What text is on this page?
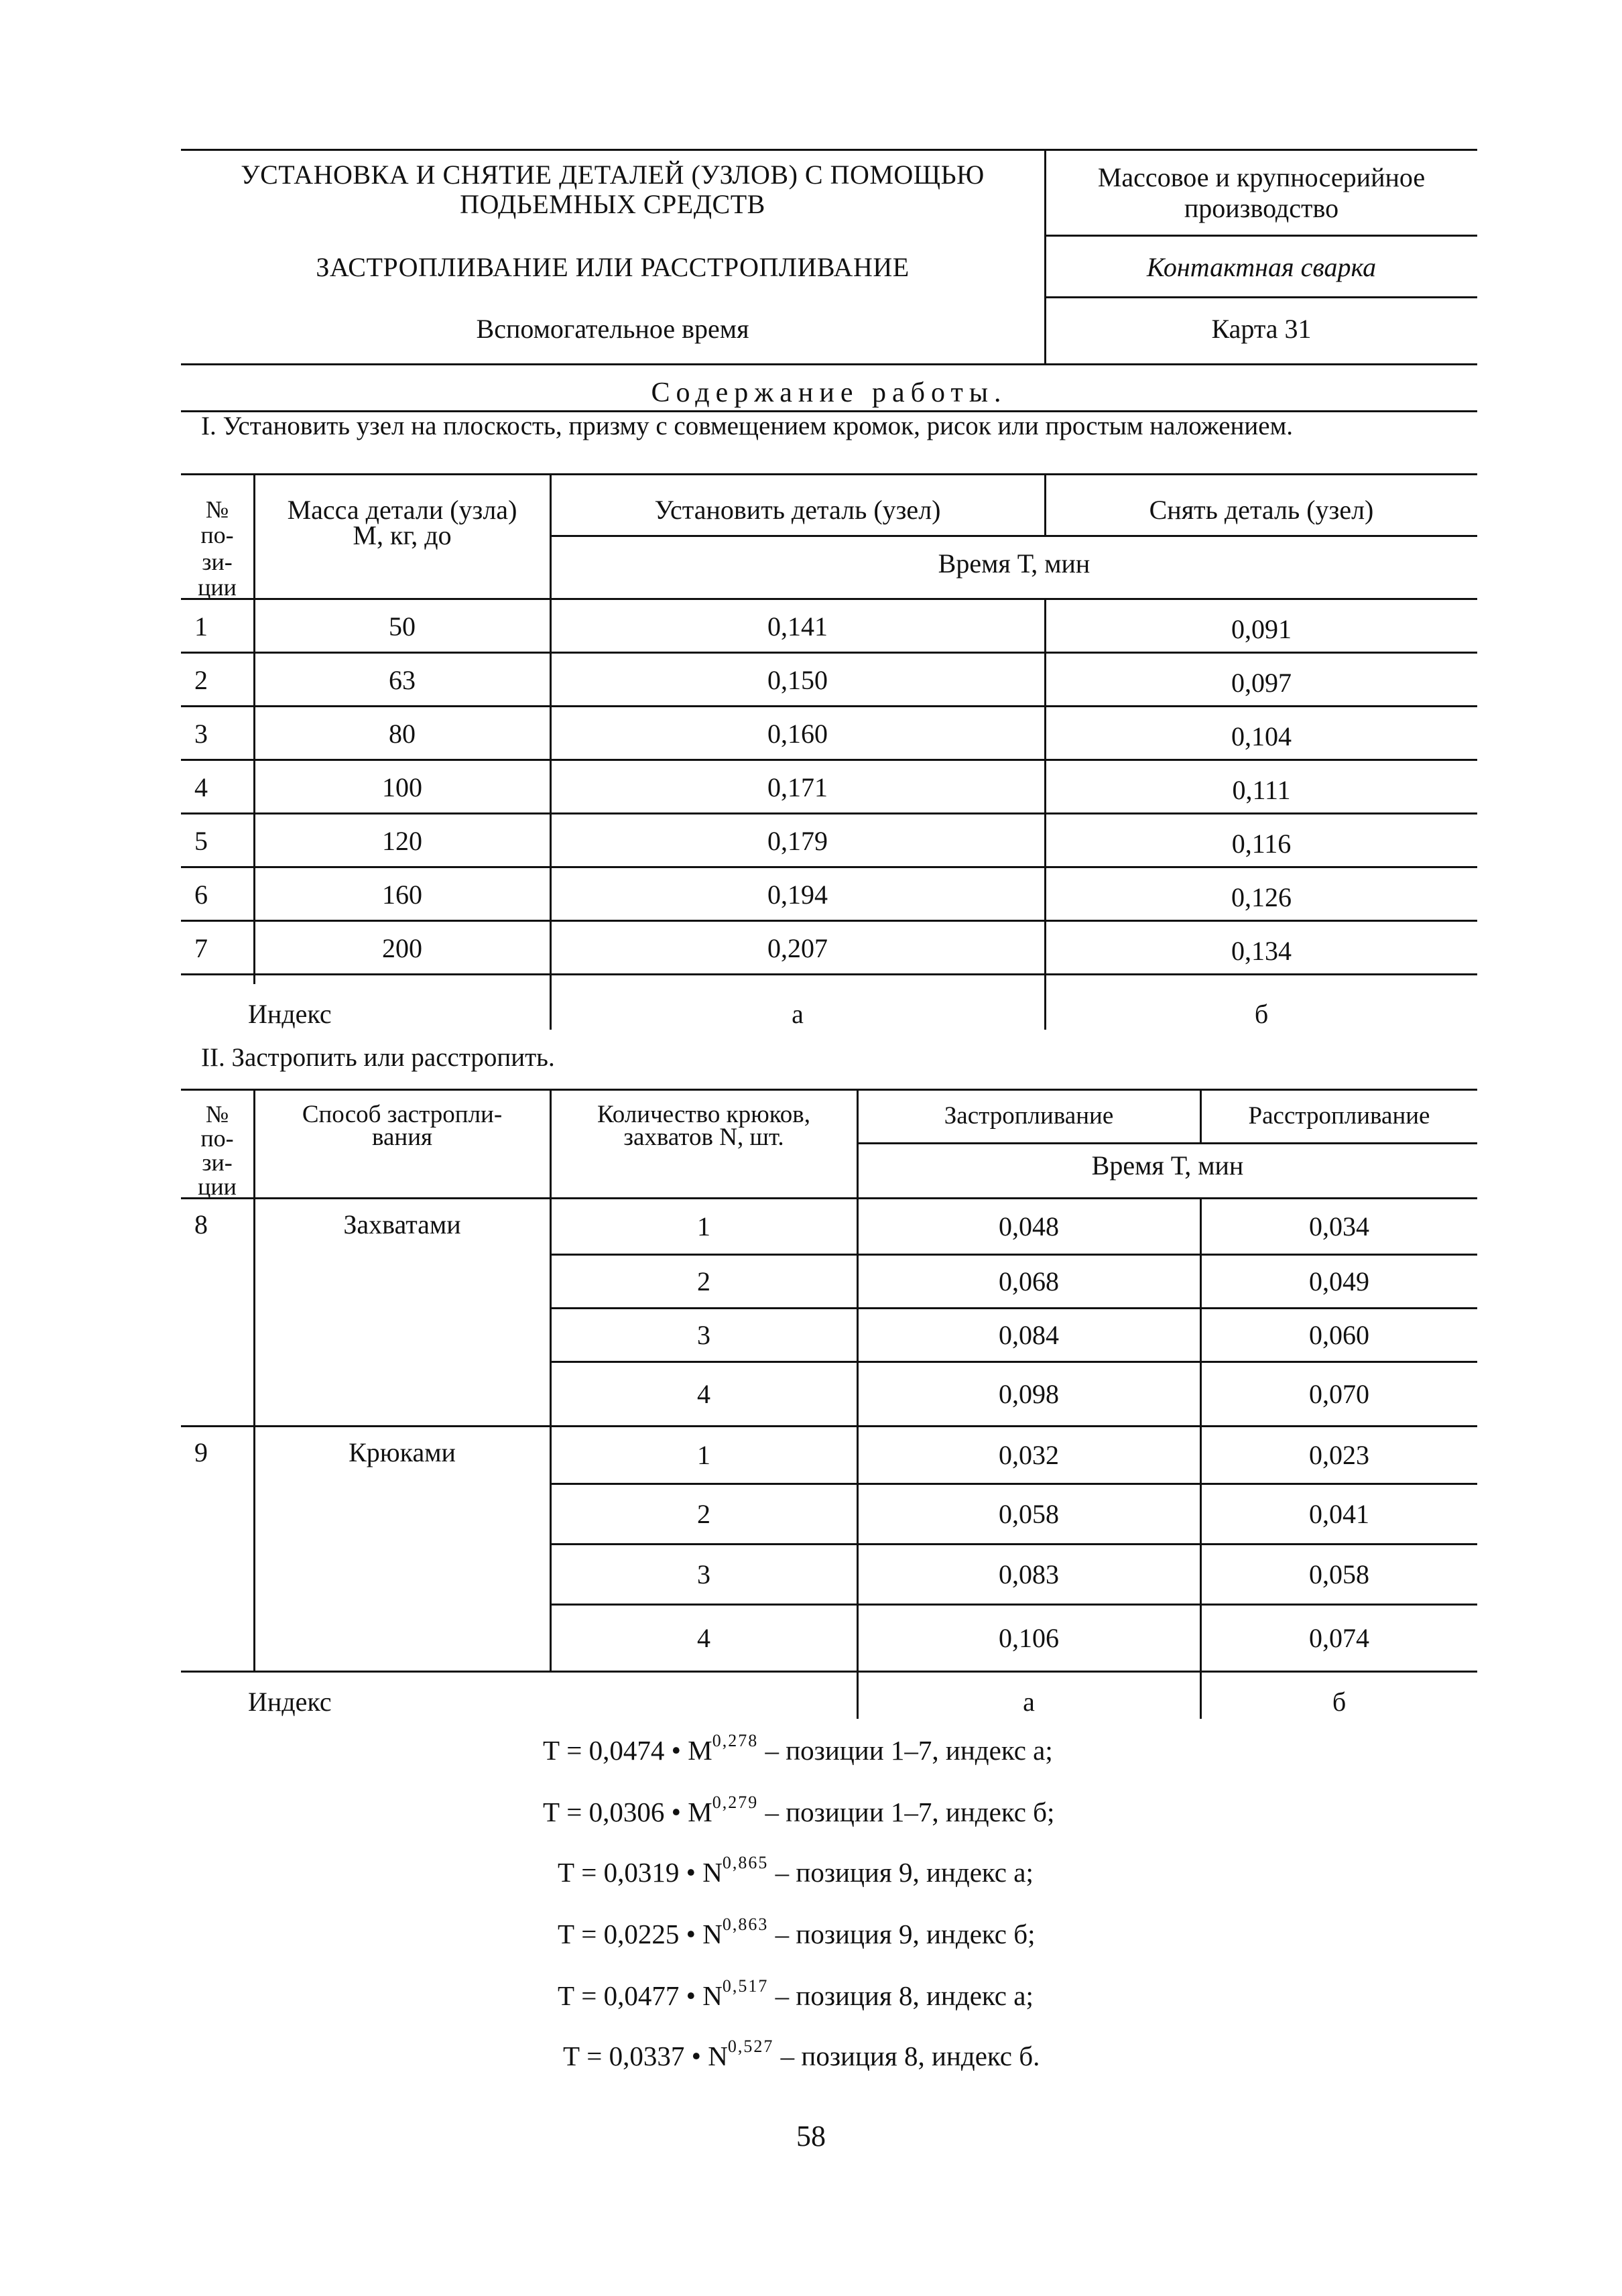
УСТАНОВКА И СНЯТИЕ ДЕТАЛЕЙ (УЗЛОВ) С ПОМОЩЬЮ
ПОДЬЕМНЫХ СРЕДСТВ
ЗАСТРОПЛИВАНИЕ ИЛИ РАССТРОПЛИВАНИЕ
Вспомогательное время
Массовое и крупносерийное
производство
Контактная сварка
Карта 31
Содержание работы.
I. Установить узел на плоскость, призму с совмещением кромок, рисок или простым наложением.
№
по-
зи-
ции
Масса детали (узла)
М, кг, до
Установить деталь (узел)	Снять деталь (узел)
Время Т, мин
1	50	0,141	0,091
2	63	0,150	0,097
3	80	0,160	0,104
4	100	0,171	0,111
5	120	0,179	0,116
6	160	0,194	0,126
7	200	0,207	0,134
Индекс	а	б
II. Застропить или расстропить.
№
по-
зи-
ции
Способ застропли-
вания
Количество крюков,
захватов N, шт.
Застропливание	Расстропливание
Время Т, мин
8	Захватами	1	0,048	0,034
2	0,068	0,049
3	0,084	0,060
4	0,098	0,070
9	Крюками	1	0,032	0,023
2	0,058	0,041
3	0,083	0,058
4	0,106	0,074
Индекс	а	б
Т = 0,0474 • М$^{0,278}$ – позиции 1–7, индекс а;
Т = 0,0306 • М$^{0,279}$ – позиции 1–7, индекс б;
Т = 0,0319 • N$^{0,865}$ – позиция 9, индекс а;
Т = 0,0225 • N$^{0,863}$ – позиция 9, индекс б;
Т = 0,0477 • N$^{0,517}$ – позиция 8, индекс а;
Т = 0,0337 • N$^{0,527}$ – позиция 8, индекс б.
58
